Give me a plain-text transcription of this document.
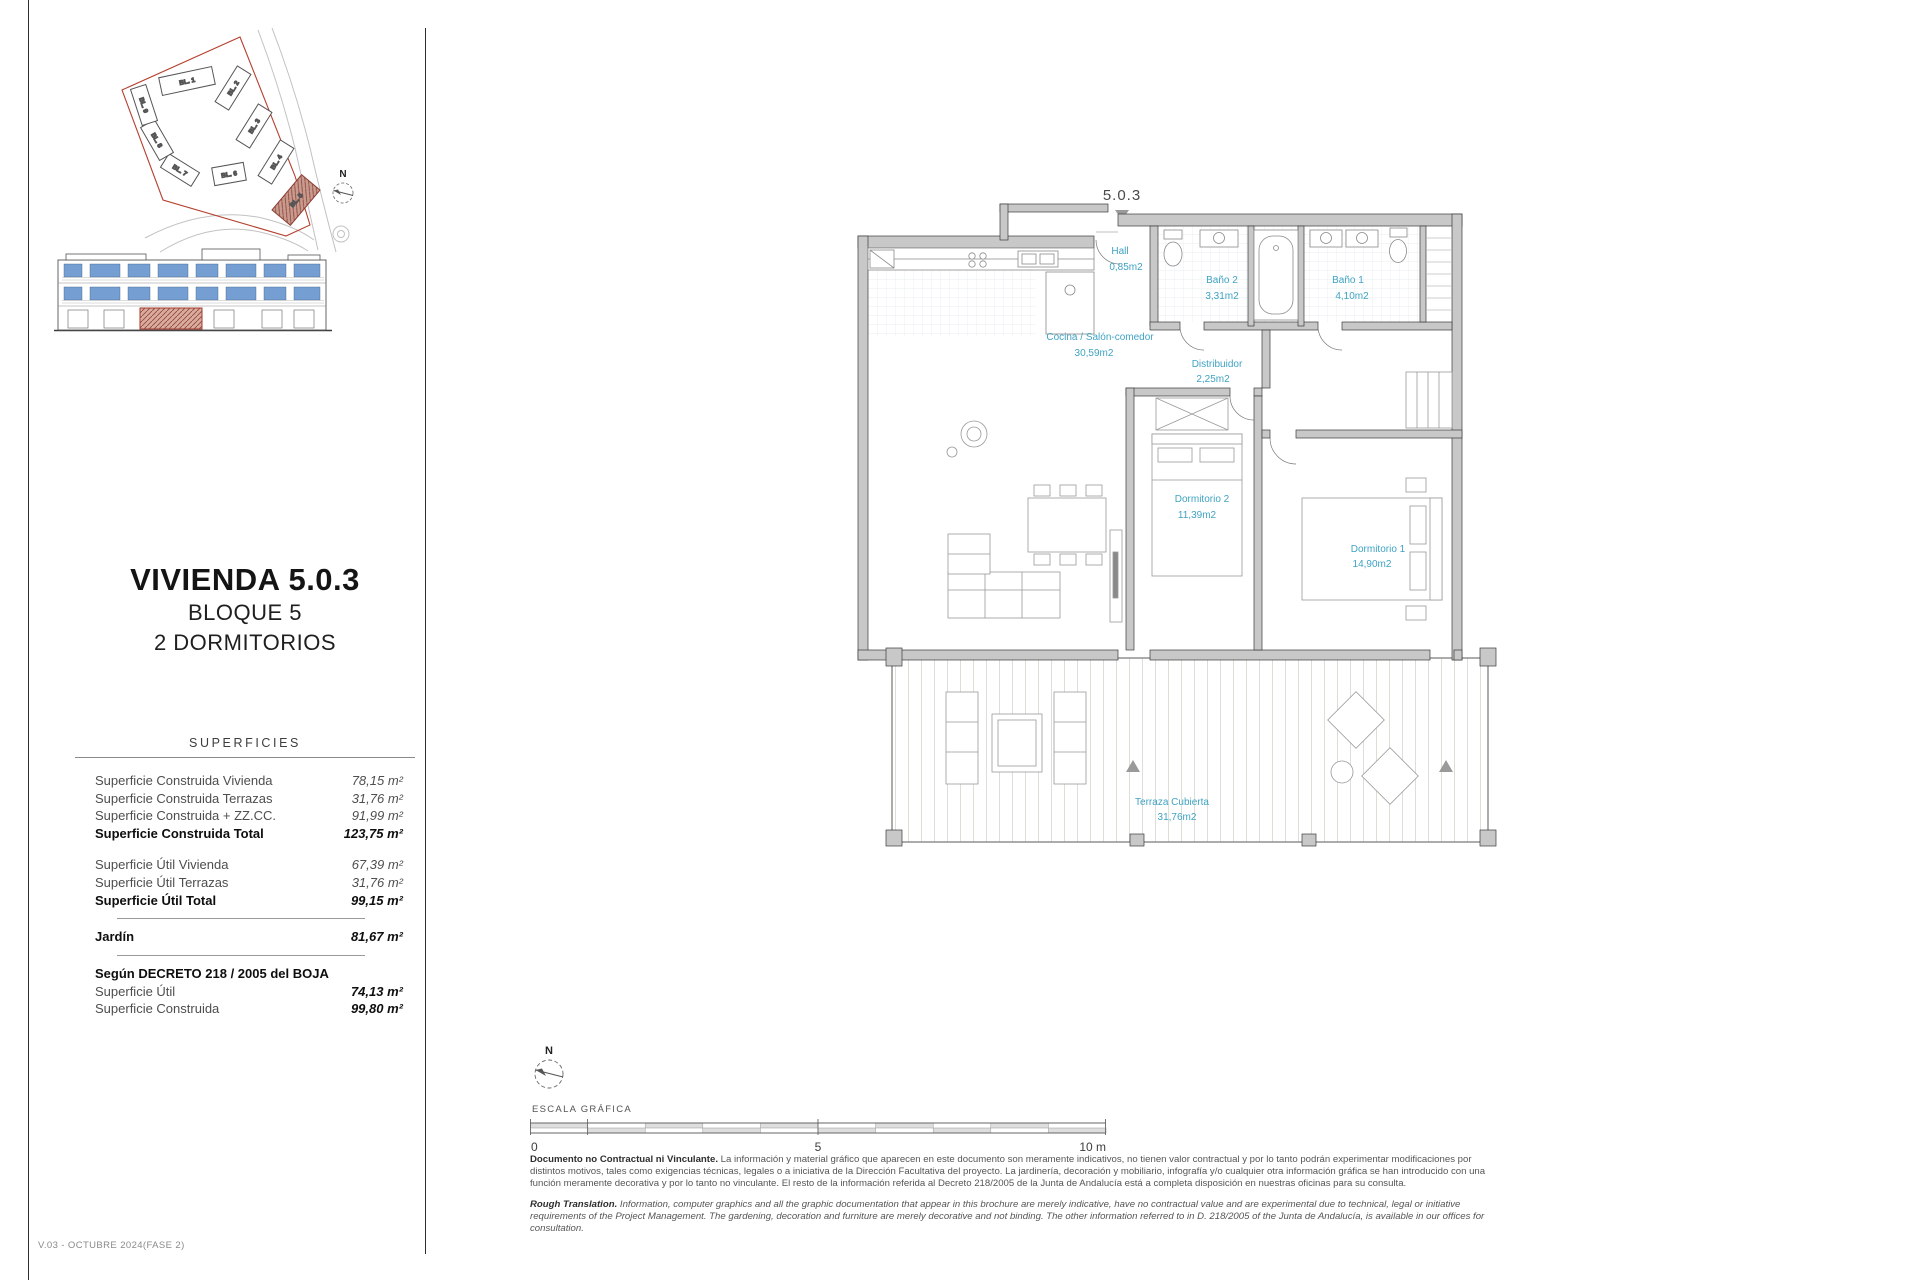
BL. 1	BL. 2
BL. 3
BL. 4
BL. 5
BL. 6
BL. 7
BL. 8
BL. 9
N
VIVIENDA 5.0.3
BLOQUE 5
2 DORMITORIOS
SUPERFICIES
Superficie Construida Vivienda	78,15 m²
Superficie Construida Terrazas	31,76 m²
Superficie Construida + ZZ.CC.	91,99 m²
Superficie Construida Total	123,75 m²
Superficie Útil Vivienda	67,39 m²
Superficie Útil Terrazas	31,76 m²
Superficie Útil Total	99,15 m²
Jardín	81,67 m²
Según DECRETO 218 / 2005 del BOJA
Superficie Útil	74,13 m²
Superficie Construida	99,80 m²
5.0.3
Hall
0,85m2
Cocina / Salón-comedor
30,59m2
Baño 2
3,31m2
Baño 1
4,10m2
Distribuidor
2,25m2
Dormitorio 2
11,39m2
Dormitorio 1
14,90m2
Terraza Cubierta
31,76m2
N
ESCALA GRÁFICA
0	5	10 m

Documento no Contractual ni Vinculante. La información y material gráfico que aparecen en este documento son meramente indicativos, no tienen valor contractual y por lo tanto podrán experimentar modificaciones por distintos motivos, tales como exigencias técnicas, legales o a iniciativa de la Dirección Facultativa del proyecto. La jardinería, decoración y mobiliario, infografía y/o cualquier otra información gráfica se han introducido con una función meramente decorativa y por lo tanto no vinculante. El resto de la información referida al Decreto 218/2005 de la Junta de Andalucía está a completa disposición en nuestras oficinas para su consulta.

Rough Translation. Information, computer graphics and all the graphic documentation that appear in this brochure are merely indicative, have no contractual value and are experimental due to technical, legal or initiative requirements of the Project Management. The gardening, decoration and furniture are merely decorative and not binding. The other information referred to in D. 218/2005 of the Junta de Andalucía, is available in our offices for consultation.

V.03 - OCTUBRE 2024(FASE 2)
